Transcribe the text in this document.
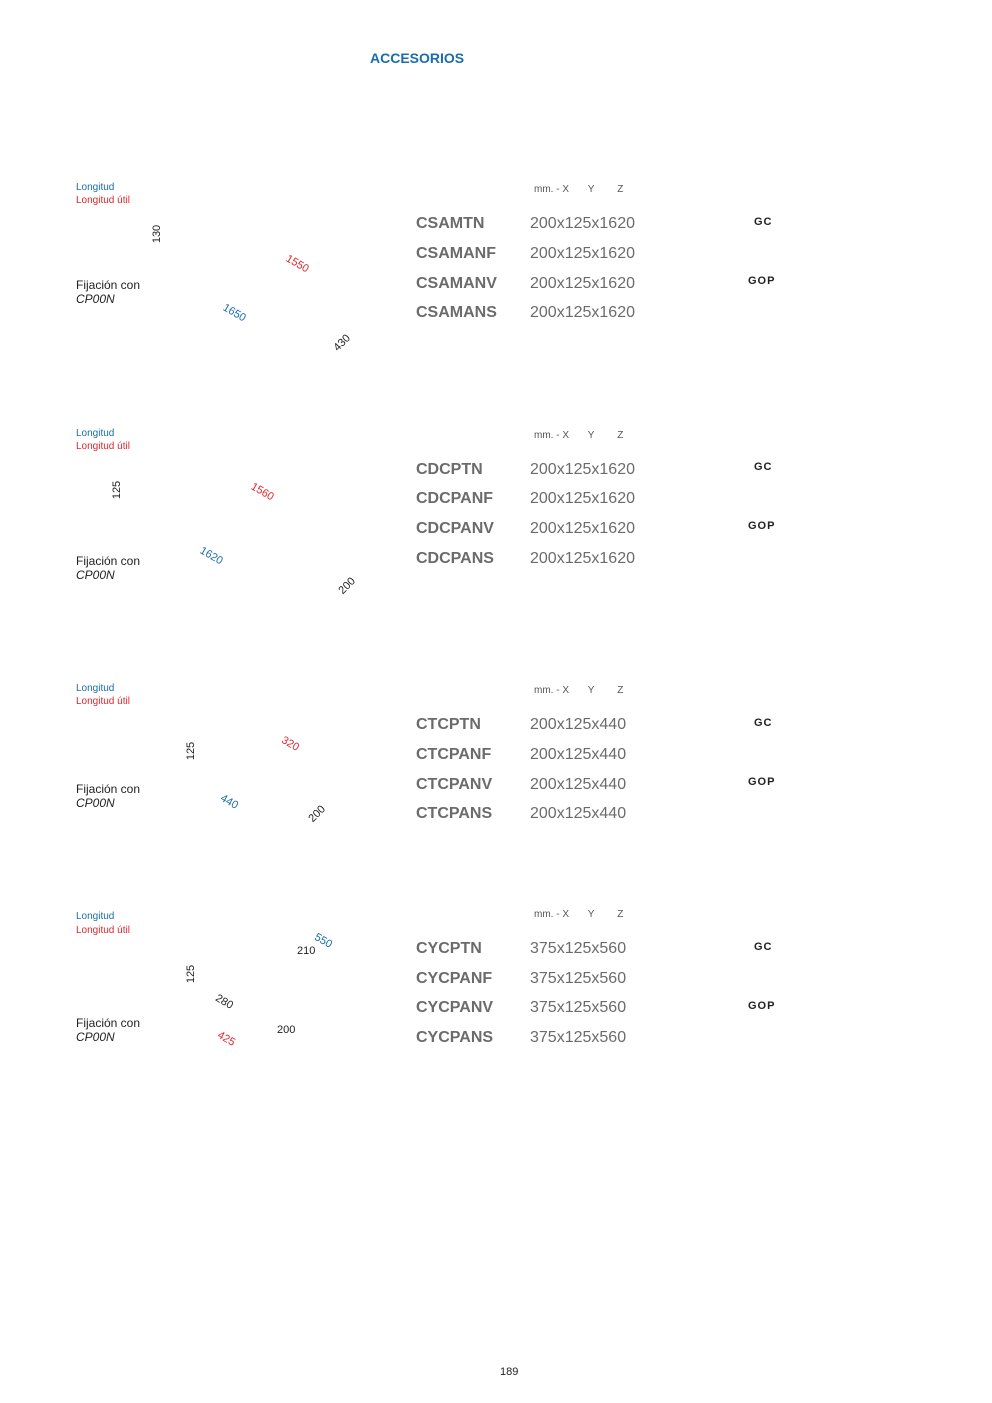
ACCESORIOS
Longitud
Longitud útil
130
1550
Fijación con
CP00N
1650
430
mm. - X Y Z
CSAMTN	200x125x1620
CSAMANF 200x125x1620
CSAMANV 200x125x1620
CSAMANS 200x125x1620
GC
GOP
Longitud
Longitud útil
125	1560
1620
Fijación con
CP00N
200
mm. - X Y Z
CDCPTN	200x125x1620
CDCPANF 200x125x1620
CDCPANV 200x125x1620
CDCPANS 200x125x1620
GC
GOP
Longitud
Longitud útil
320
125
Fijación con
CP00N	440
200
mm. - X Y Z
CTCPTN	200x125x440
CTCPANF 200x125x440
CTCPANV 200x125x440
CTCPANS 200x125x440
GC
GOP
Longitud
Longitud útil
550
210
125
280
Fijación con
CP00N	200
425
mm. - X Y Z
CYCPTN	375x125x560
CYCPANF 375x125x560
CYCPANV 375x125x560
CYCPANS 375x125x560
GC
GOP
189
